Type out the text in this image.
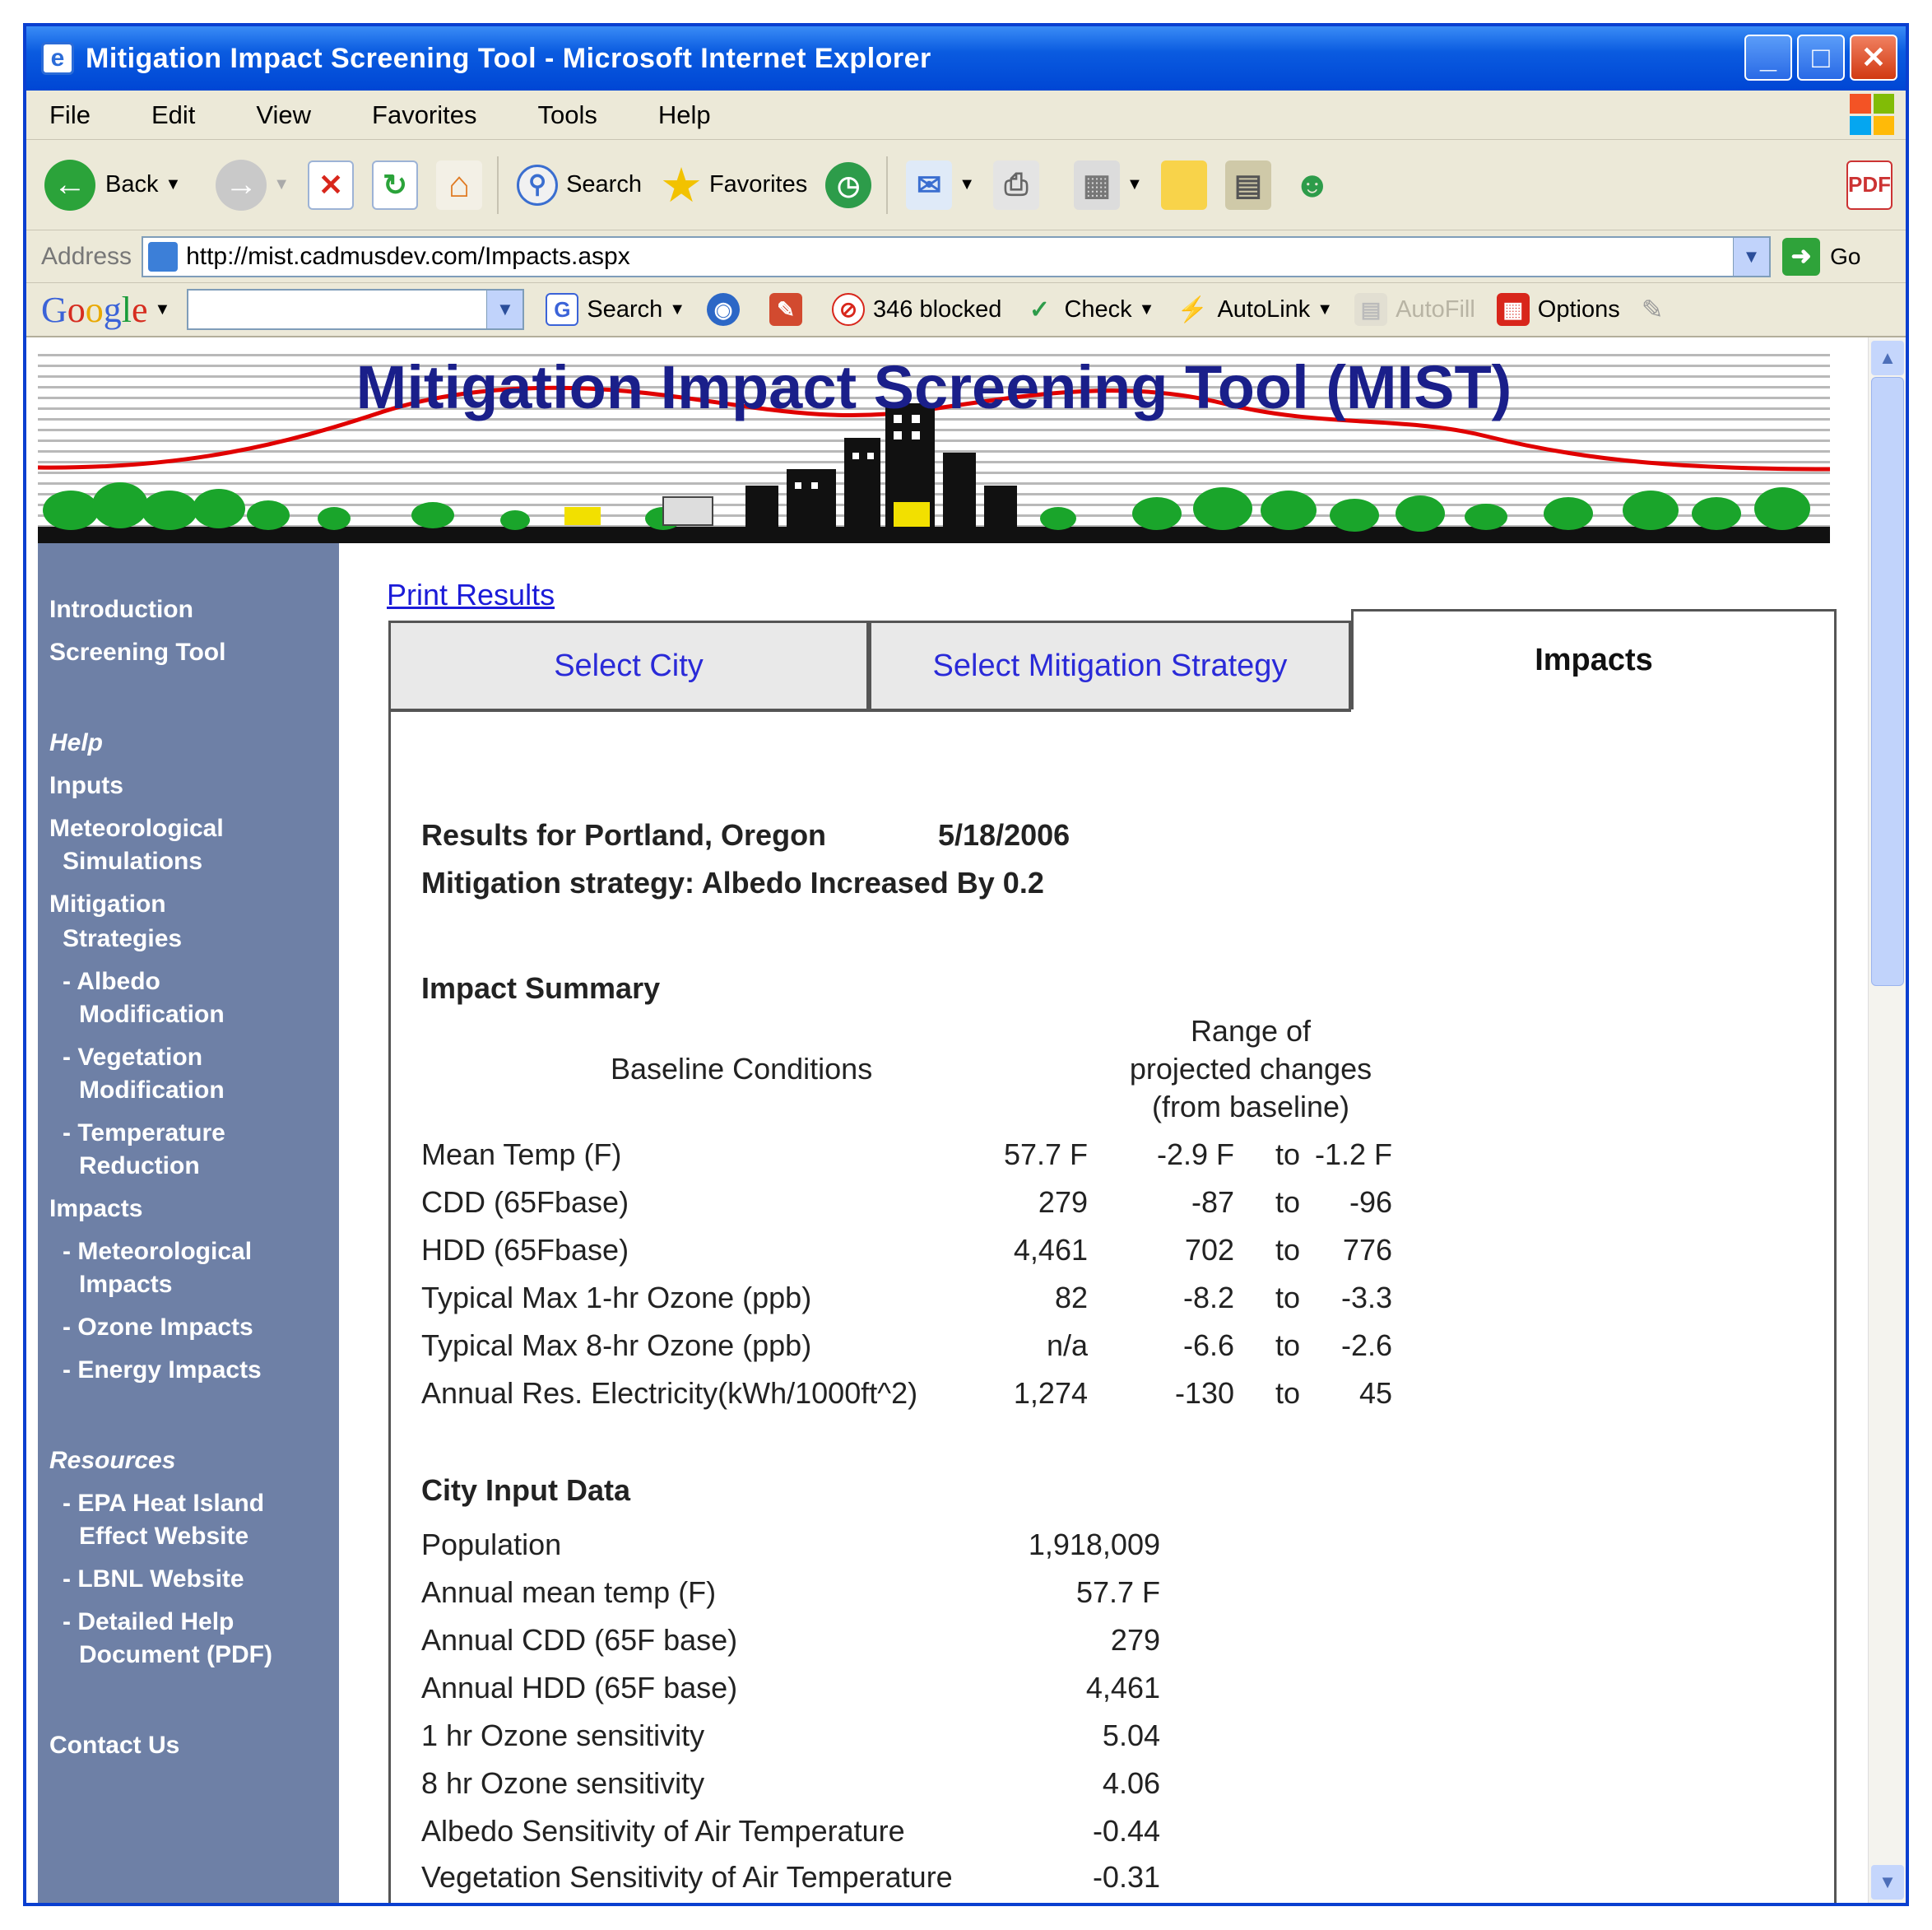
e Mitigation Impact Screening Tool - Microsoft Internet Explorer	_	□	✕
File Edit View Favorites Tools Help
← Back ▼ → ▼ ✕	↻	⌂	⚲ Search ★ Favorites	◷	✉	▼ ⎙	▦ ▼	▤ ☻	PDF
Address
http://mist.cadmusdev.com/Impacts.aspx	▼	➜ Go
Google ▼	▼	G Search ▼	◉	✎	⊘ 346 blocked ✓ Check ▼ ⚡ AutoLink ▼ ▤ AutoFill ▦ Options ✎
Mitigation Impact Screening Tool (MIST)
Introduction
Screening Tool
Help
Inputs
Meteorological
Simulations
Mitigation
Strategies
- Albedo
Modification
- Vegetation
Modification
- Temperature
Reduction
Impacts
- Meteorological
Impacts
- Ozone Impacts
- Energy Impacts
Resources
- EPA Heat Island
Effect Website
- LBNL Website
- Detailed Help
Document (PDF)
Contact Us
Print Results
Select City	Select Mitigation Strategy	Impacts
Results for Portland, Oregon	5/18/2006
Mitigation strategy: Albedo Increased By 0.2
Impact Summary
Baseline Conditions
Range of
projected changes
(from baseline)
Mean Temp (F)	57.7 F	-2.9 F to -1.2 F
CDD (65Fbase)	279	-87 to	-96
HDD (65Fbase)	4,461	702 to	776
Typical Max 1-hr Ozone (ppb)	82	-8.2 to	-3.3
Typical Max 8-hr Ozone (ppb)	n/a	-6.6 to	-2.6
Annual Res. Electricity(kWh/1000ft^2)	1,274	-130 to	45
City Input Data
Population	1,918,009
Annual mean temp (F)	57.7 F
Annual CDD (65F base)	279
Annual HDD (65F base)	4,461
1 hr Ozone sensitivity	5.04
8 hr Ozone sensitivity	4.06
Albedo Sensitivity of Air Temperature	-0.44
Vegetation Sensitivity of Air Temperature	-0.31
▲
▼
